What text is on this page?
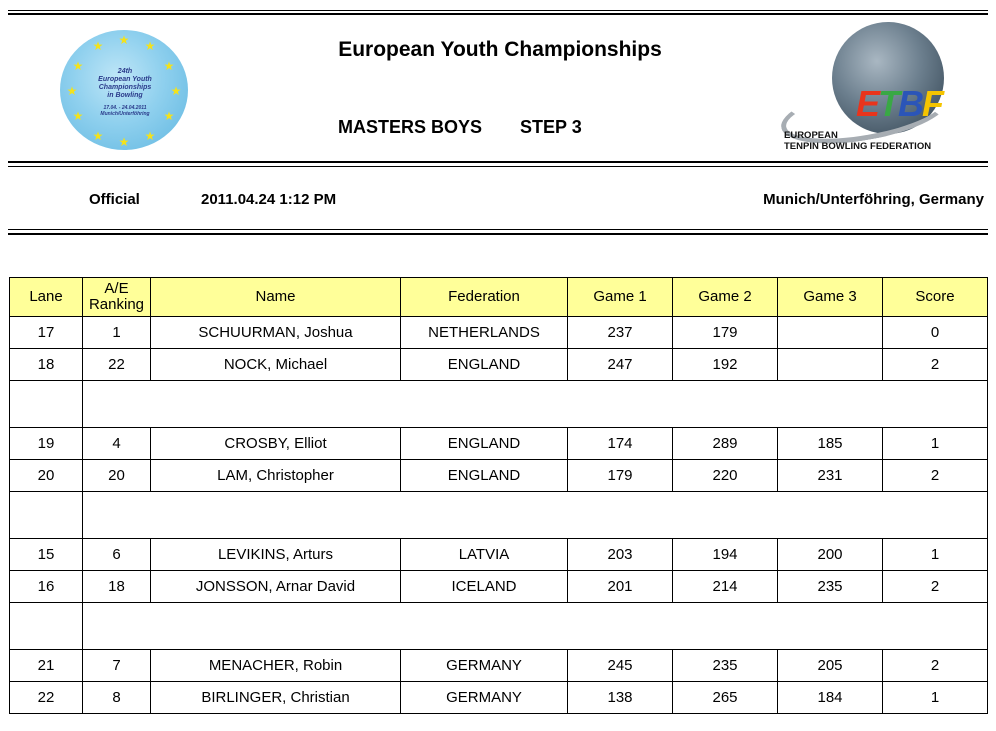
★ ★
★
★
★
★
★
★
★
★
★
★
24th
European Youth
Championships
in Bowling
17.04. - 24.04.2011
Munich/Unterföhring
European Youth Championships
MASTERS BOYS STEP 3
ETBF
EUROPEAN
TENPIN BOWLING FEDERATION
Official	2011.04.24 1:12 PM	Munich/Unterföhring, Germany
Lane	A/E Ranking	Name	Federation	Game 1	Game 2	Game 3	Score
17	1	SCHUURMAN, Joshua	NETHERLANDS	237	179		0
18	22	NOCK, Michael	ENGLAND	247	192		2

19	4	CROSBY, Elliot	ENGLAND	174	289	185	1
20	20	LAM, Christopher	ENGLAND	179	220	231	2

15	6	LEVIKINS, Arturs	LATVIA	203	194	200	1
16	18	JONSSON, Arnar David	ICELAND	201	214	235	2

21	7	MENACHER, Robin	GERMANY	245	235	205	2
22	8	BIRLINGER, Christian	GERMANY	138	265	184	1
